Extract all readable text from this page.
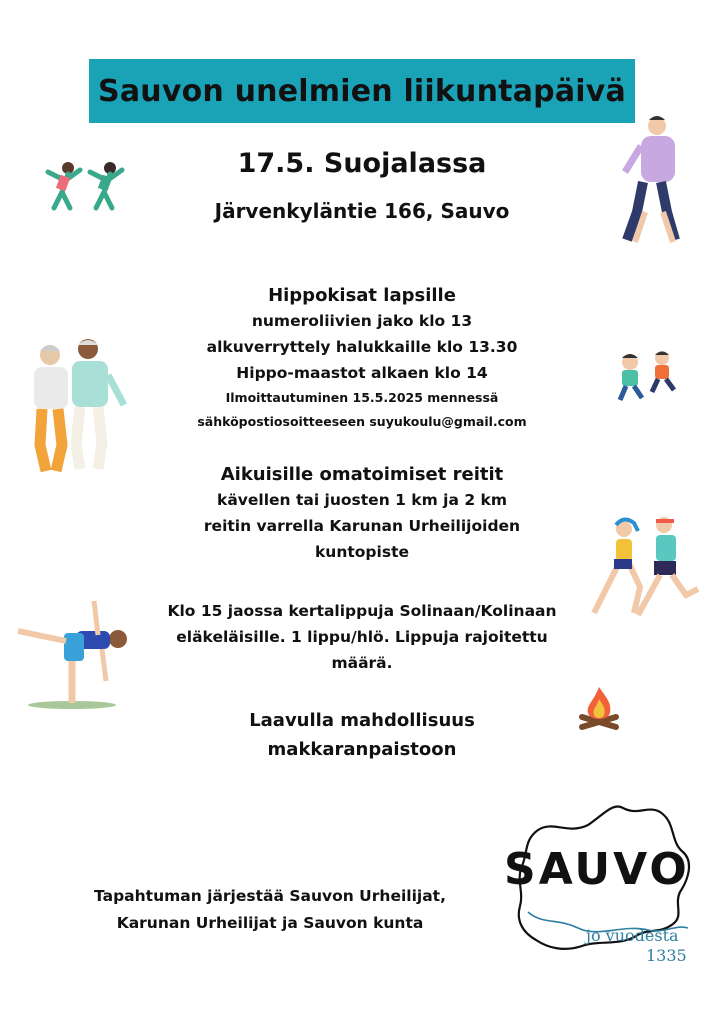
Sauvon unelmien liikuntapäivä
17.5. Suojalassa
Järvenkyläntie 166, Sauvo
Hippokisat lapsille
numeroliivien jako klo 13
alkuverryttely halukkaille klo 13.30
Hippo-maastot alkaen klo 14
Ilmoittautuminen 15.5.2025 mennessä
sähköpostiosoitteeseen suyukoulu@gmail.com
Aikuisille omatoimiset reitit
kävellen tai juosten 1 km ja 2 km
reitin varrella Karunan Urheilijoiden
kuntopiste
Klo 15 jaossa kertalippuja Solinaan/Kolinaan
eläkeläisille. 1 lippu/hlö. Lippuja rajoitettu
määrä.
Laavulla mahdollisuus
makkaranpaistoon
Tapahtuman järjestää Sauvon Urheilijat,
Karunan Urheilijat ja Sauvon kunta
SAUVO
jo vuodesta
1335
